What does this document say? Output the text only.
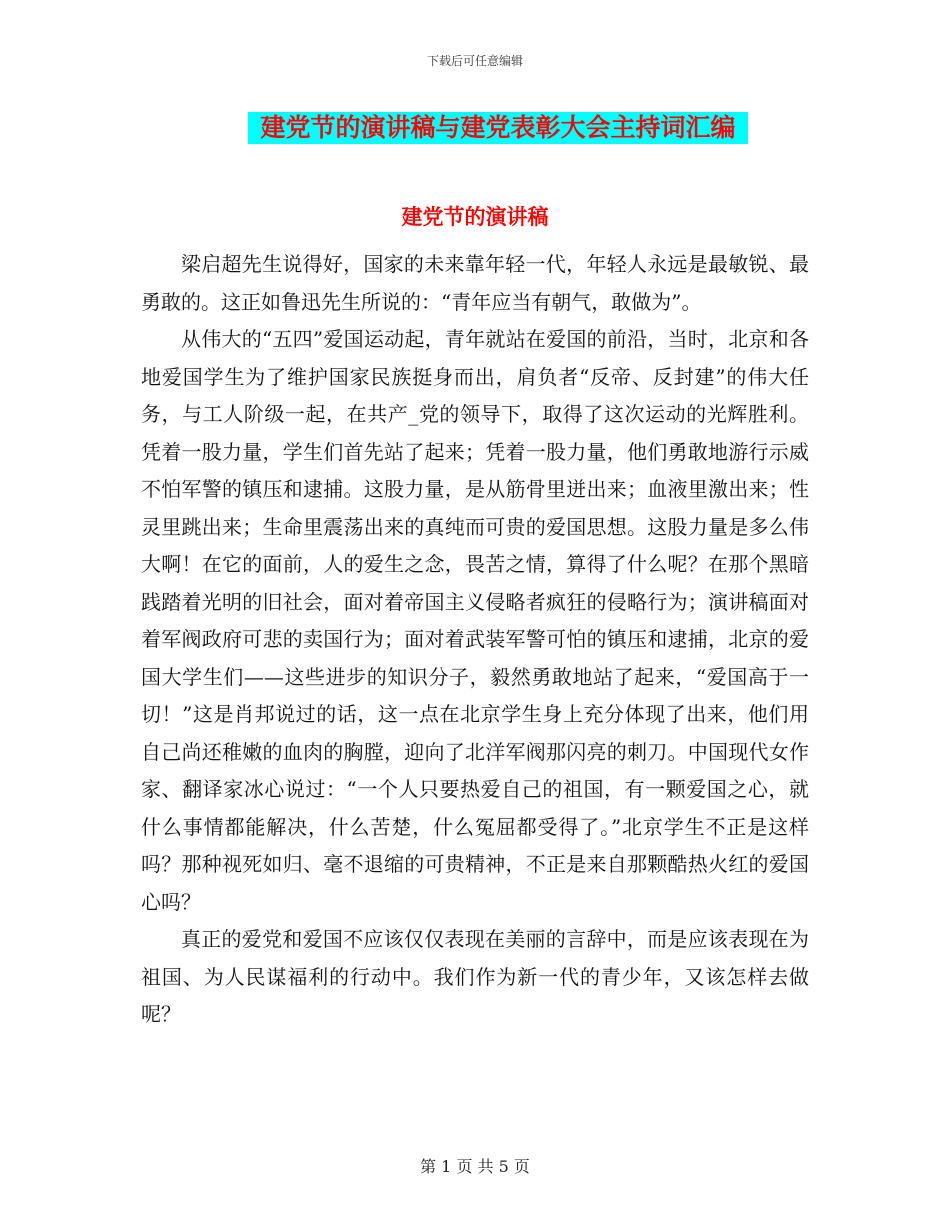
下载后可任意编辑
建党节的演讲稿与建党表彰大会主持词汇编
建党节的演讲稿

梁启超先生说得好，国家的未来靠年轻一代，年轻人永远是最敏锐、最勇敢的。这正如鲁迅先生所说的：“青年应当有朝气，敢做为”。

从伟大的“五四”爱国运动起，青年就站在爱国的前沿，当时，北京和各地爱国学生为了维护国家民族挺身而出，肩负者“反帝、反封建”的伟大任务，与工人阶级一起，在共产_党的领导下，取得了这次运动的光辉胜利。凭着一股力量，学生们首先站了起来；凭着一股力量，他们勇敢地游行示威不怕军警的镇压和逮捕。这股力量，是从筋骨里迸出来；血液里激出来；性灵里跳出来；生命里震荡出来的真纯而可贵的爱国思想。这股力量是多么伟大啊！在它的面前，人的爱生之念，畏苦之情，算得了什么呢？在那个黑暗践踏着光明的旧社会，面对着帝国主义侵略者疯狂的侵略行为；演讲稿面对着军阀政府可悲的卖国行为；面对着武装军警可怕的镇压和逮捕，北京的爱国大学生们——这些进步的知识分子，毅然勇敢地站了起来，“爱国高于一切！”这是肖邦说过的话，这一点在北京学生身上充分体现了出来，他们用自己尚还稚嫩的血肉的胸膛，迎向了北洋军阀那闪亮的刺刀。中国现代女作家、翻译家冰心说过：“一个人只要热爱自己的祖国，有一颗爱国之心，就什么事情都能解决，什么苦楚，什么冤屈都受得了。”北京学生不正是这样吗？那种视死如归、毫不退缩的可贵精神，不正是来自那颗酷热火红的爱国心吗？

真正的爱党和爱国不应该仅仅表现在美丽的言辞中，而是应该表现在为祖国、为人民谋福利的行动中。我们作为新一代的青少年，又该怎样去做呢？

第 1 页 共 5 页
